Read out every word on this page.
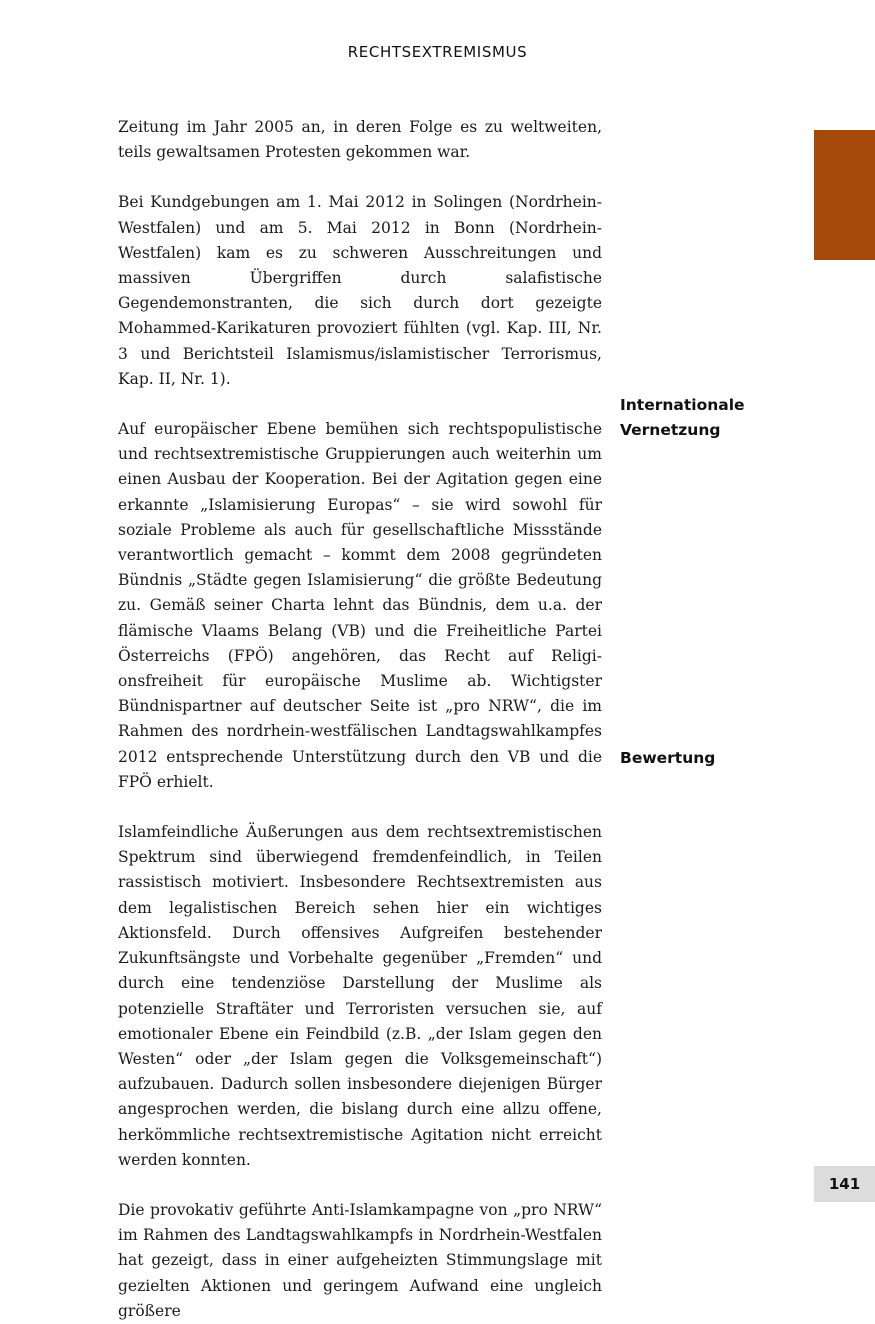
RECHTSEXTREMISMUS

Zeitung im Jahr 2005 an, in deren Folge es zu weltweiten, teils gewaltsamen Protesten gekommen war.

Bei Kundgebungen am 1. Mai 2012 in Solingen (Nordrhein-Westfalen) und am 5. Mai 2012 in Bonn (Nordrhein-Westfalen) kam es zu schweren Ausschreitungen und massiven Übergriffen durch salafistische Gegendemonstranten, die sich durch dort gezeigte Mohammed-Karikaturen provoziert fühlten (vgl. Kap. III, Nr. 3 und Berichtsteil Islamismus/islamistischer Terrorismus, Kap. II, Nr. 1).

Auf europäischer Ebene bemühen sich rechtspopulistische und rechtsextremistische Gruppierungen auch weiterhin um einen Ausbau der Kooperation. Bei der Agitation gegen eine erkannte „Islamisierung Europas“ – sie wird sowohl für soziale Probleme als auch für gesellschaftliche Missstände verantwortlich gemacht – kommt dem 2008 gegründeten Bündnis „Städte gegen Islamisierung“ die größte Bedeutung zu. Gemäß seiner Charta lehnt das Bündnis, dem u.a. der flämische Vlaams Belang (VB) und die Freiheitliche Partei Österreichs (FPÖ) angehören, das Recht auf Religionsfreiheit für europäische Muslime ab. Wichtigster Bündnispartner auf deutscher Seite ist „pro NRW“, die im Rahmen des nordrhein-westfälischen Landtagswahlkampfes 2012 entsprechende Unterstützung durch den VB und die FPÖ erhielt.

Islamfeindliche Äußerungen aus dem rechtsextremistischen Spektrum sind überwiegend fremdenfeindlich, in Teilen rassistisch motiviert. Insbesondere Rechtsextremisten aus dem legalistischen Bereich sehen hier ein wichtiges Aktionsfeld. Durch offensives Aufgreifen bestehender Zukunftsängste und Vorbehalte gegenüber „Fremden“ und durch eine tendenziöse Darstellung der Muslime als potenzielle Straftäter und Terroristen versuchen sie, auf emotionaler Ebene ein Feindbild (z.B. „der Islam gegen den Westen“ oder „der Islam gegen die Volksgemeinschaft“) aufzubauen. Dadurch sollen insbesondere diejenigen Bürger angesprochen werden, die bislang durch eine allzu offene, herkömmliche rechtsextremistische Agitation nicht erreicht werden konnten.

Die provokativ geführte Anti-Islamkampagne von „pro NRW“ im Rahmen des Landtagswahlkampfs in Nordrhein-Westfalen hat gezeigt, dass in einer aufgeheizten Stimmungslage mit gezielten Aktionen und geringem Aufwand eine ungleich größere

Internationale
Vernetzung
Bewertung
141
